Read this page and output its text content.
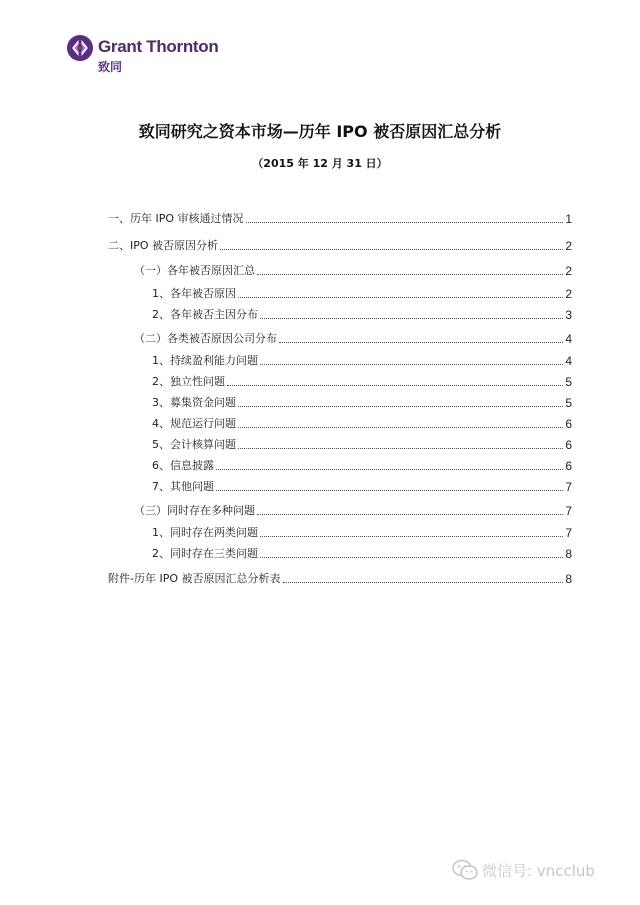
Grant Thornton
致同
致同研究之资本市场—历年 IPO 被否原因汇总分析
（2015 年 12 月 31 日）
一、历年 IPO 审核通过情况	1
二、IPO 被否原因分析	2
（一）各年被否原因汇总	2
1、各年被否原因	2
2、各年被否主因分布	3
（二）各类被否原因公司分布	4
1、持续盈利能力问题	4
2、独立性问题	5
3、募集资金问题	5
4、规范运行问题	6
5、会计核算问题	6
6、信息披露	6
7、其他问题	7
（三）同时存在多种问题	7
1、同时存在两类问题	7
2、同时存在三类问题	8
附件-历年 IPO 被否原因汇总分析表	8
微信号: vncclub
